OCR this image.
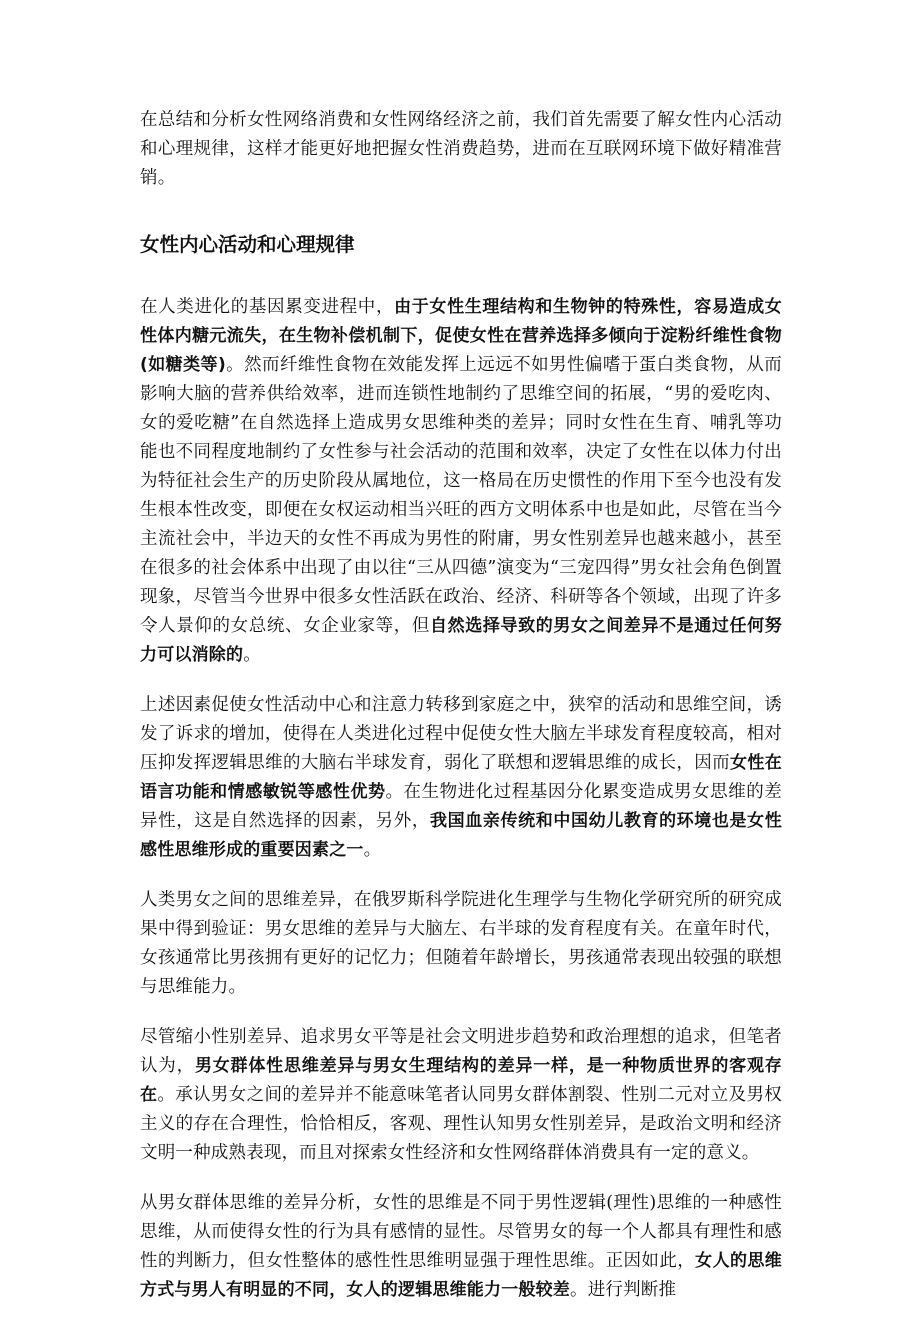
在总结和分析女性网络消费和女性网络经济之前，我们首先需要了解女性内心活动和心理规律，这样才能更好地把握女性消费趋势，进而在互联网环境下做好精准营销。

女性内心活动和心理规律

在人类进化的基因累变进程中，由于女性生理结构和生物钟的特殊性，容易造成女性体内糖元流失，在生物补偿机制下，促使女性在营养选择多倾向于淀粉纤维性食物(如糖类等)。然而纤维性食物在效能发挥上远远不如男性偏嗜于蛋白类食物，从而影响大脑的营养供给效率，进而连锁性地制约了思维空间的拓展，“男的爱吃肉、女的爱吃糖”在自然选择上造成男女思维种类的差异；同时女性在生育、哺乳等功能也不同程度地制约了女性参与社会活动的范围和效率，决定了女性在以体力付出为特征社会生产的历史阶段从属地位，这一格局在历史惯性的作用下至今也没有发生根本性改变，即便在女权运动相当兴旺的西方文明体系中也是如此，尽管在当今主流社会中，半边天的女性不再成为男性的附庸，男女性别差异也越来越小，甚至在很多的社会体系中出现了由以往“三从四德”演变为“三宠四得”男女社会角色倒置现象，尽管当今世界中很多女性活跃在政治、经济、科研等各个领域，出现了许多令人景仰的女总统、女企业家等，但自然选择导致的男女之间差异不是通过任何努力可以消除的。

上述因素促使女性活动中心和注意力转移到家庭之中，狭窄的活动和思维空间，诱发了诉求的增加，使得在人类进化过程中促使女性大脑左半球发育程度较高，相对压抑发挥逻辑思维的大脑右半球发育，弱化了联想和逻辑思维的成长，因而女性在语言功能和情感敏锐等感性优势。在生物进化过程基因分化累变造成男女思维的差异性，这是自然选择的因素，另外，我国血亲传统和中国幼儿教育的环境也是女性感性思维形成的重要因素之一。

人类男女之间的思维差异，在俄罗斯科学院进化生理学与生物化学研究所的研究成果中得到验证：男女思维的差异与大脑左、右半球的发育程度有关。在童年时代，女孩通常比男孩拥有更好的记忆力；但随着年龄增长，男孩通常表现出较强的联想与思维能力。

尽管缩小性别差异、追求男女平等是社会文明进步趋势和政治理想的追求，但笔者认为，男女群体性思维差异与男女生理结构的差异一样，是一种物质世界的客观存在。承认男女之间的差异并不能意味笔者认同男女群体割裂、性别二元对立及男权主义的存在合理性，恰恰相反，客观、理性认知男女性别差异，是政治文明和经济文明一种成熟表现，而且对探索女性经济和女性网络群体消费具有一定的意义。

从男女群体思维的差异分析，女性的思维是不同于男性逻辑(理性)思维的一种感性思维，从而使得女性的行为具有感情的显性。尽管男女的每一个人都具有理性和感性的判断力，但女性整体的感性性思维明显强于理性思维。正因如此，女人的思维方式与男人有明显的不同，女人的逻辑思维能力一般较差。进行判断推
